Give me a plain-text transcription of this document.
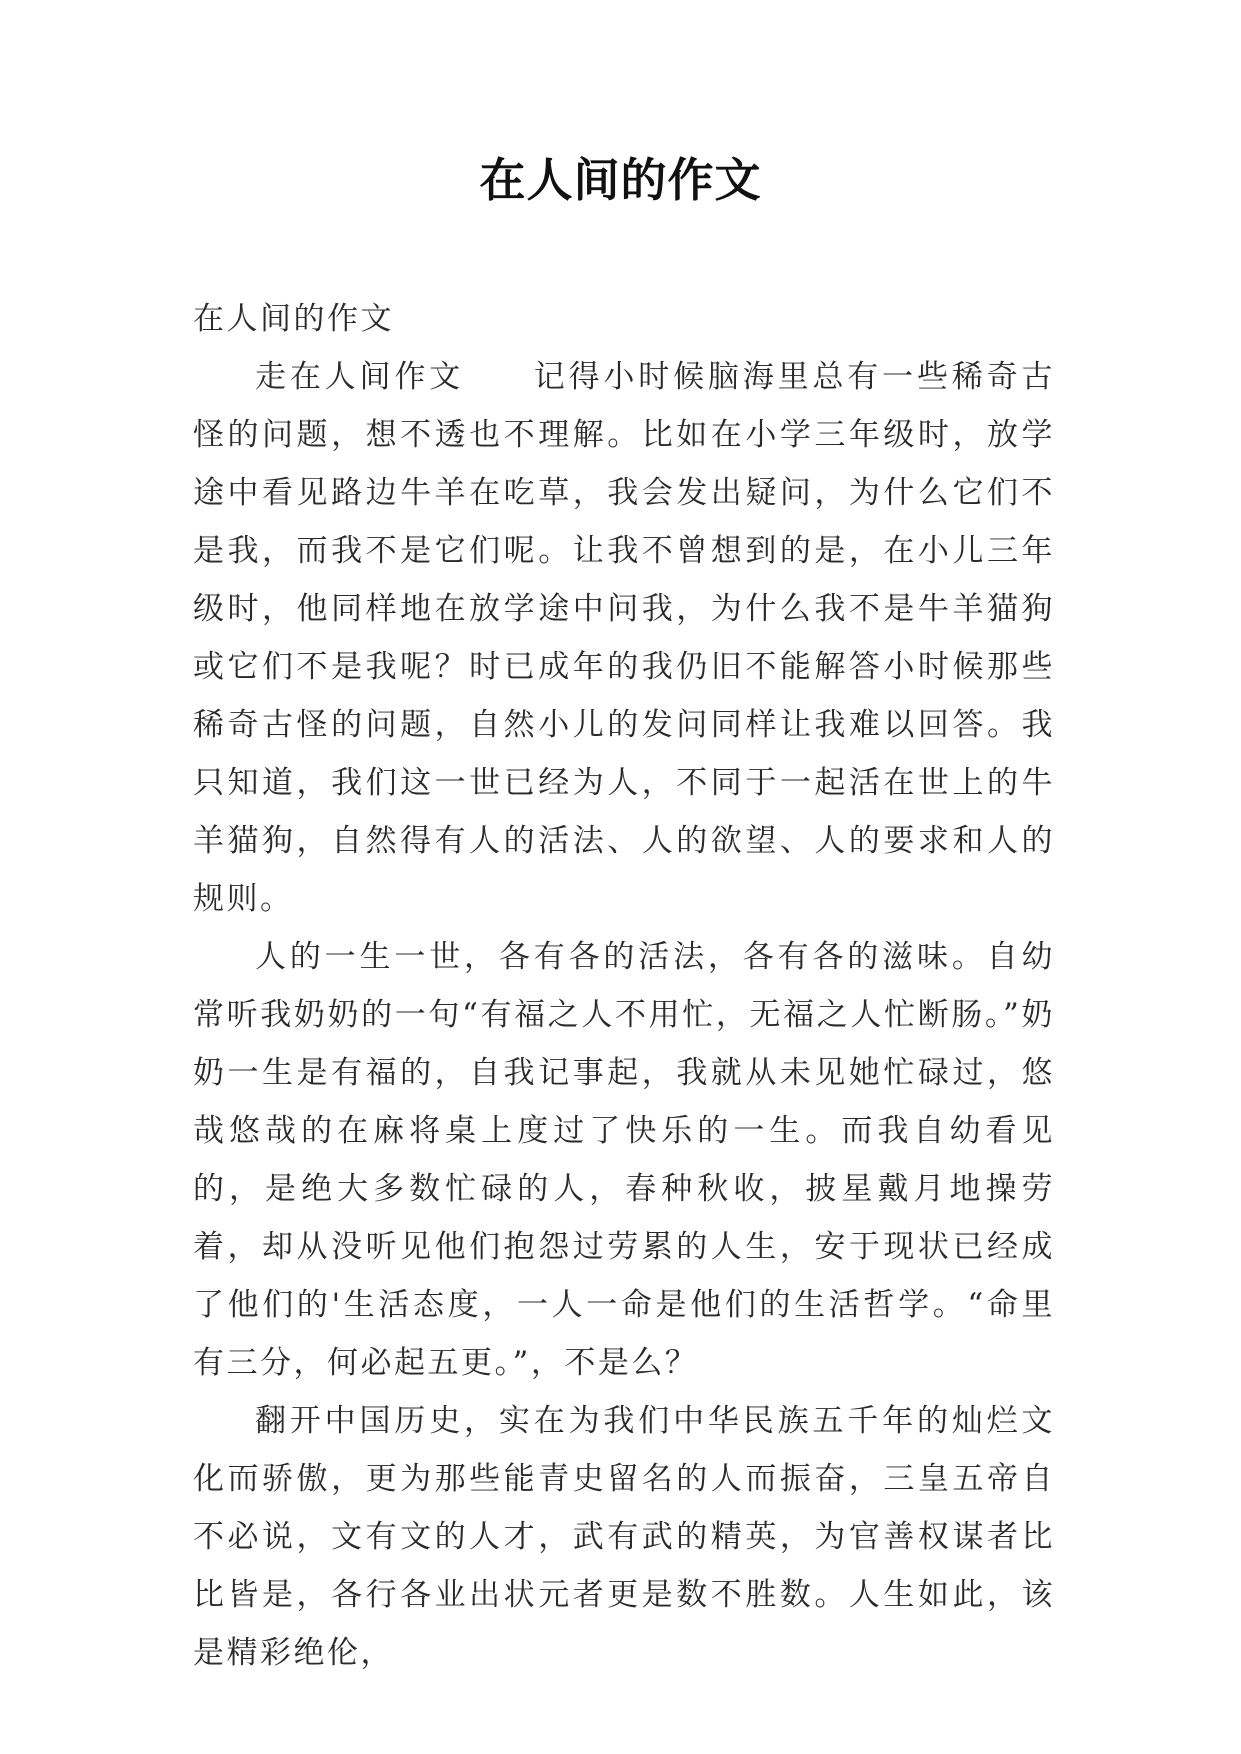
在人间的作文

在人间的作文

走在人间作文　　记得小时候脑海里总有一些稀奇古怪的问题，想不透也不理解。比如在小学三年级时，放学途中看见路边牛羊在吃草，我会发出疑问，为什么它们不是我，而我不是它们呢。让我不曾想到的是，在小儿三年级时，他同样地在放学途中问我，为什么我不是牛羊猫狗或它们不是我呢？时已成年的我仍旧不能解答小时候那些稀奇古怪的问题，自然小儿的发问同样让我难以回答。我只知道，我们这一世已经为人，不同于一起活在世上的牛羊猫狗，自然得有人的活法、人的欲望、人的要求和人的规则。

人的一生一世，各有各的活法，各有各的滋味。自幼常听我奶奶的一句“有福之人不用忙，无福之人忙断肠。”奶奶一生是有福的，自我记事起，我就从未见她忙碌过，悠哉悠哉的在麻将桌上度过了快乐的一生。而我自幼看见的，是绝大多数忙碌的人，春种秋收，披星戴月地操劳着，却从没听见他们抱怨过劳累的人生，安于现状已经成了他们的'生活态度，一人一命是他们的生活哲学。“命里有三分，何必起五更。”，不是么？

翻开中国历史，实在为我们中华民族五千年的灿烂文化而骄傲，更为那些能青史留名的人而振奋，三皇五帝自不必说，文有文的人才，武有武的精英，为官善权谋者比比皆是，各行各业出状元者更是数不胜数。人生如此，该是精彩绝伦，
